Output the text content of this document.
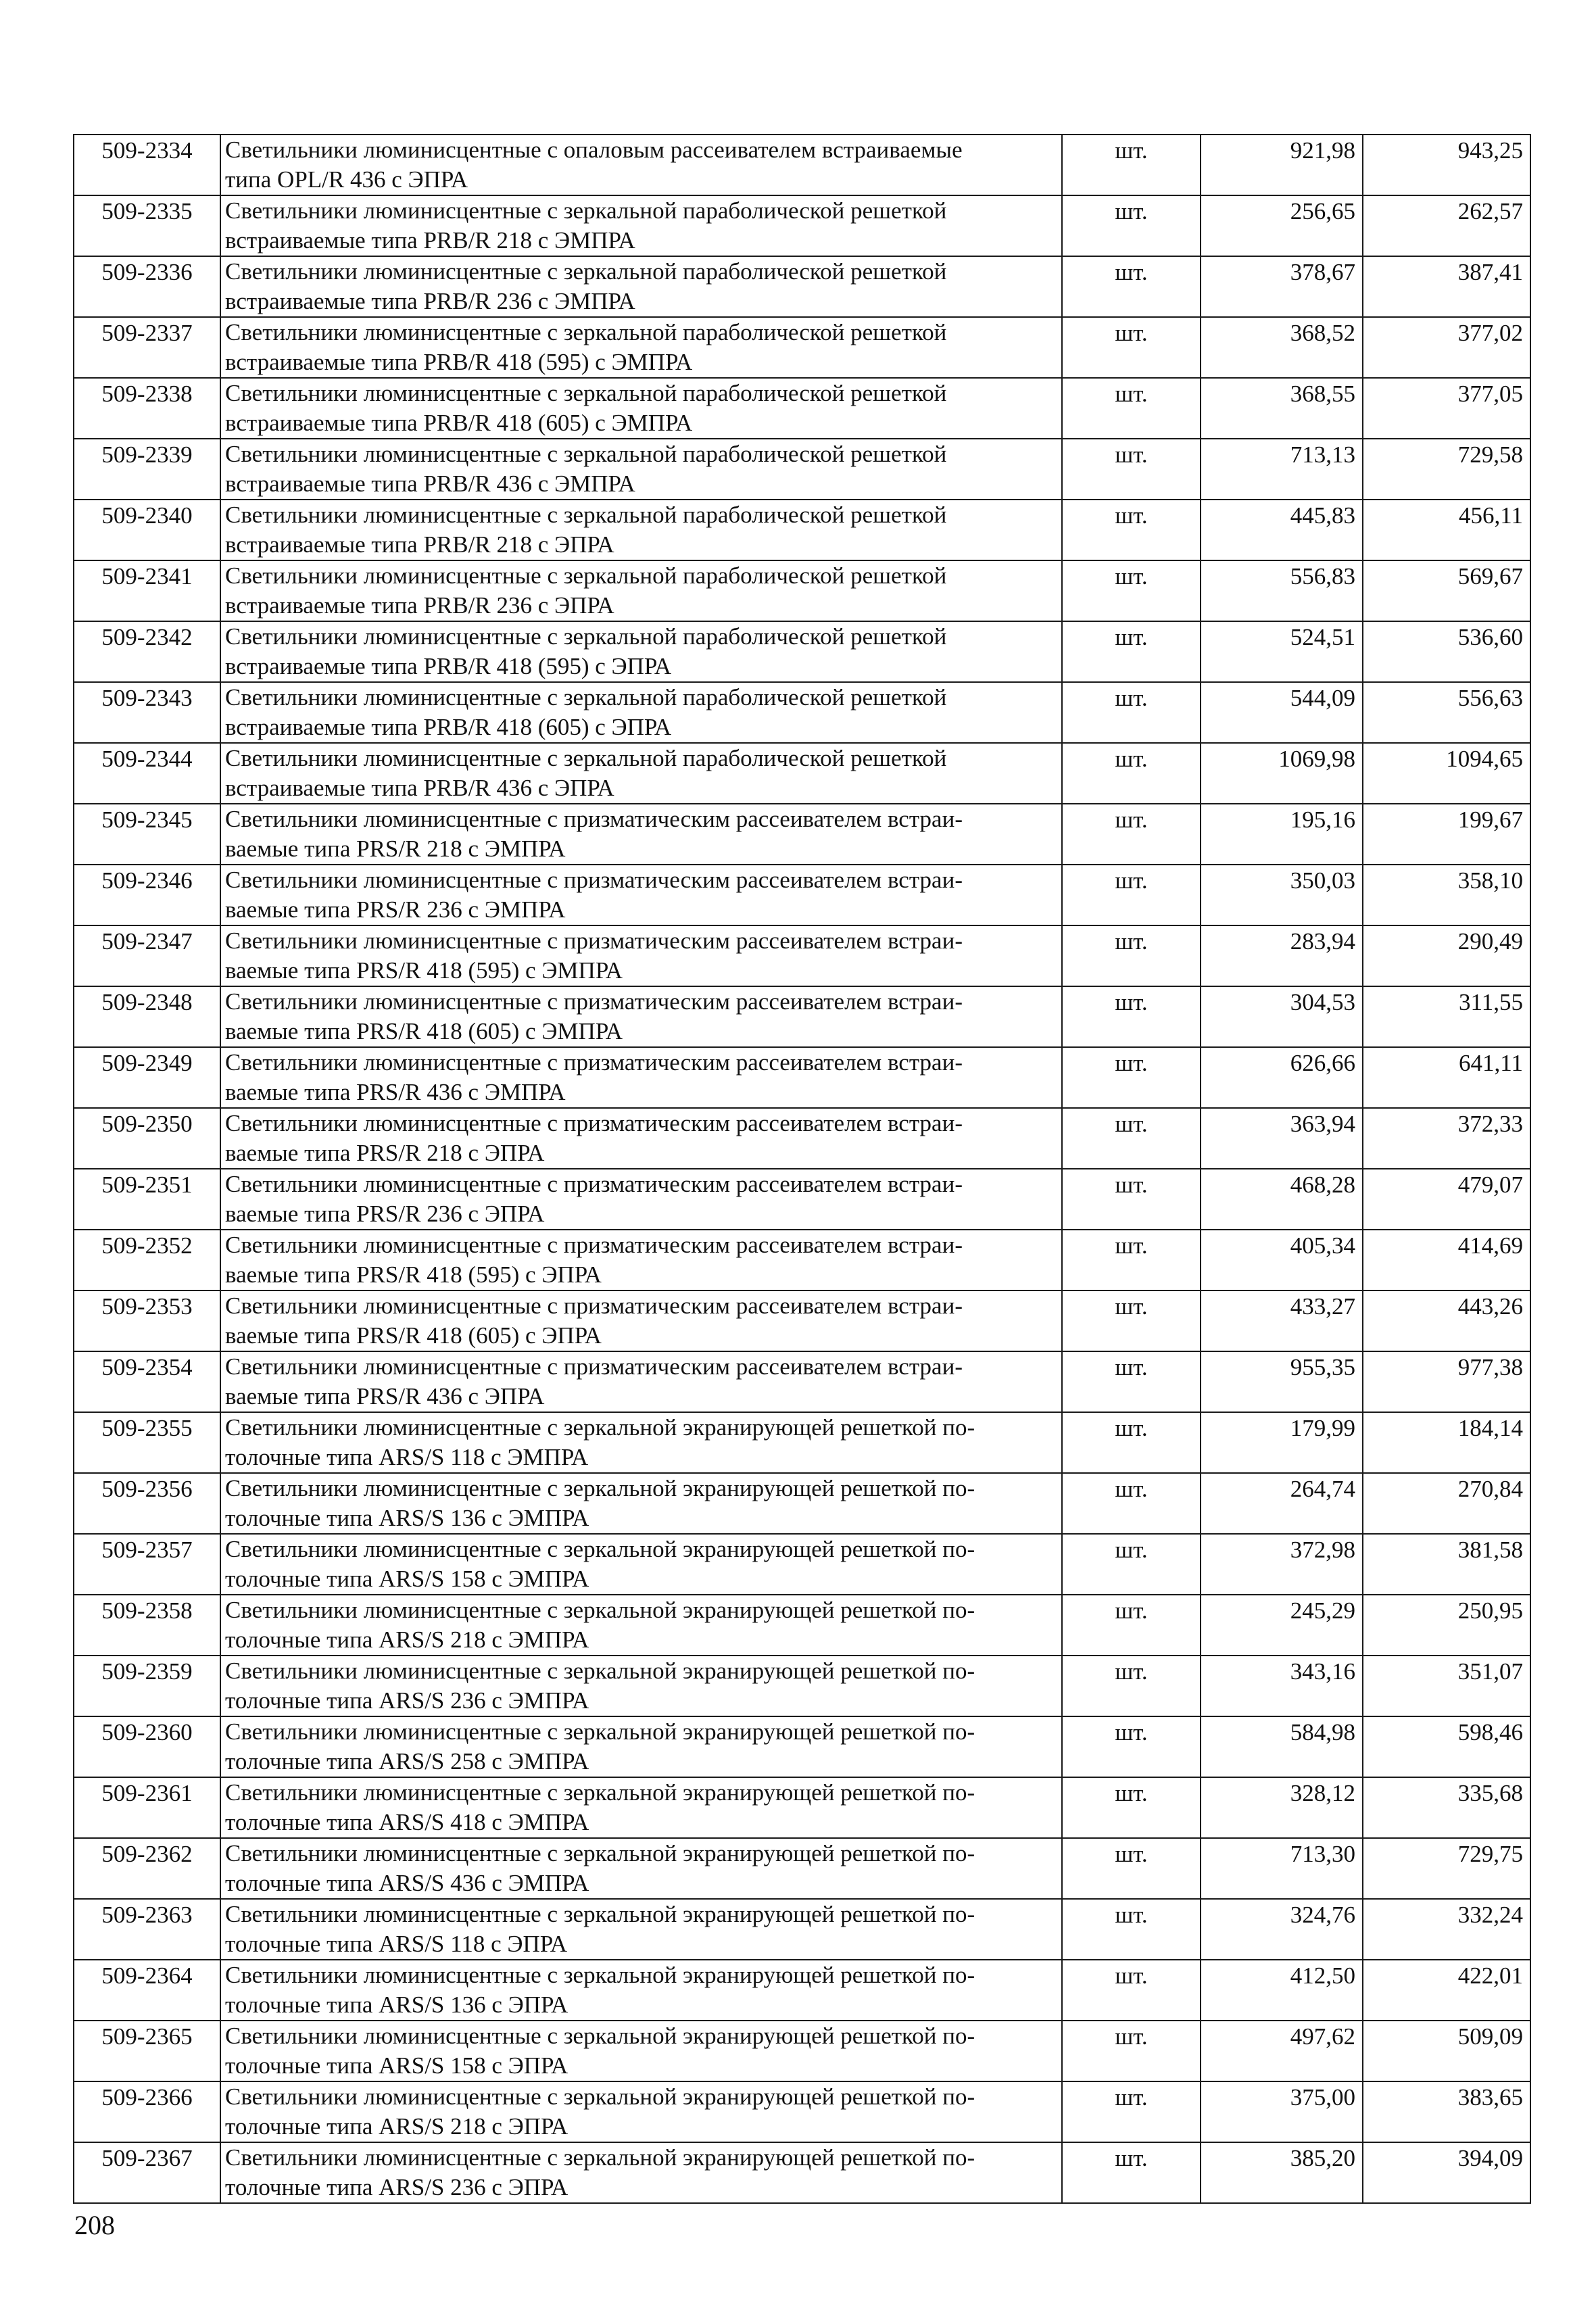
509-2334	Светильники люминисцентные с опаловым рассеивателем встраиваемые
типа OPL/R 436 с ЭПРА	шт.	921,98	943,25
509-2335	Светильники люминисцентные с зеркальной параболической решеткой
встраиваемые типа PRB/R 218 с ЭМПРА	шт.	256,65	262,57
509-2336	Светильники люминисцентные с зеркальной параболической решеткой
встраиваемые типа PRB/R 236 с ЭМПРА	шт.	378,67	387,41
509-2337	Светильники люминисцентные с зеркальной параболической решеткой
встраиваемые типа PRB/R 418 (595) с ЭМПРА	шт.	368,52	377,02
509-2338	Светильники люминисцентные с зеркальной параболической решеткой
встраиваемые типа PRB/R 418 (605) с ЭМПРА	шт.	368,55	377,05
509-2339	Светильники люминисцентные с зеркальной параболической решеткой
встраиваемые типа PRB/R 436 с ЭМПРА	шт.	713,13	729,58
509-2340	Светильники люминисцентные с зеркальной параболической решеткой
встраиваемые типа PRB/R 218 с ЭПРА	шт.	445,83	456,11
509-2341	Светильники люминисцентные с зеркальной параболической решеткой
встраиваемые типа PRB/R 236 с ЭПРА	шт.	556,83	569,67
509-2342	Светильники люминисцентные с зеркальной параболической решеткой
встраиваемые типа PRB/R 418 (595) с ЭПРА	шт.	524,51	536,60
509-2343	Светильники люминисцентные с зеркальной параболической решеткой
встраиваемые типа PRB/R 418 (605) с ЭПРА	шт.	544,09	556,63
509-2344	Светильники люминисцентные с зеркальной параболической решеткой
встраиваемые типа PRB/R 436 с ЭПРА	шт.	1069,98	1094,65
509-2345	Светильники люминисцентные с призматическим рассеивателем встраи-
ваемые типа PRS/R 218 с ЭМПРА	шт.	195,16	199,67
509-2346	Светильники люминисцентные с призматическим рассеивателем встраи-
ваемые типа PRS/R 236 с ЭМПРА	шт.	350,03	358,10
509-2347	Светильники люминисцентные с призматическим рассеивателем встраи-
ваемые типа PRS/R 418 (595) с ЭМПРА	шт.	283,94	290,49
509-2348	Светильники люминисцентные с призматическим рассеивателем встраи-
ваемые типа PRS/R 418 (605) с ЭМПРА	шт.	304,53	311,55
509-2349	Светильники люминисцентные с призматическим рассеивателем встраи-
ваемые типа PRS/R 436 с ЭМПРА	шт.	626,66	641,11
509-2350	Светильники люминисцентные с призматическим рассеивателем встраи-
ваемые типа PRS/R 218 с ЭПРА	шт.	363,94	372,33
509-2351	Светильники люминисцентные с призматическим рассеивателем встраи-
ваемые типа PRS/R 236 с ЭПРА	шт.	468,28	479,07
509-2352	Светильники люминисцентные с призматическим рассеивателем встраи-
ваемые типа PRS/R 418 (595) с ЭПРА	шт.	405,34	414,69
509-2353	Светильники люминисцентные с призматическим рассеивателем встраи-
ваемые типа PRS/R 418 (605) с ЭПРА	шт.	433,27	443,26
509-2354	Светильники люминисцентные с призматическим рассеивателем встраи-
ваемые типа PRS/R 436 с ЭПРА	шт.	955,35	977,38
509-2355	Светильники люминисцентные с зеркальной экранирующей решеткой по-
толочные типа ARS/S 118 с ЭМПРА	шт.	179,99	184,14
509-2356	Светильники люминисцентные с зеркальной экранирующей решеткой по-
толочные типа ARS/S 136 с ЭМПРА	шт.	264,74	270,84
509-2357	Светильники люминисцентные с зеркальной экранирующей решеткой по-
толочные типа ARS/S 158 с ЭМПРА	шт.	372,98	381,58
509-2358	Светильники люминисцентные с зеркальной экранирующей решеткой по-
толочные типа ARS/S 218 с ЭМПРА	шт.	245,29	250,95
509-2359	Светильники люминисцентные с зеркальной экранирующей решеткой по-
толочные типа ARS/S 236 с ЭМПРА	шт.	343,16	351,07
509-2360	Светильники люминисцентные с зеркальной экранирующей решеткой по-
толочные типа ARS/S 258 с ЭМПРА	шт.	584,98	598,46
509-2361	Светильники люминисцентные с зеркальной экранирующей решеткой по-
толочные типа ARS/S 418 с ЭМПРА	шт.	328,12	335,68
509-2362	Светильники люминисцентные с зеркальной экранирующей решеткой по-
толочные типа ARS/S 436 с ЭМПРА	шт.	713,30	729,75
509-2363	Светильники люминисцентные с зеркальной экранирующей решеткой по-
толочные типа ARS/S 118 с ЭПРА	шт.	324,76	332,24
509-2364	Светильники люминисцентные с зеркальной экранирующей решеткой по-
толочные типа ARS/S 136 с ЭПРА	шт.	412,50	422,01
509-2365	Светильники люминисцентные с зеркальной экранирующей решеткой по-
толочные типа ARS/S 158 с ЭПРА	шт.	497,62	509,09
509-2366	Светильники люминисцентные с зеркальной экранирующей решеткой по-
толочные типа ARS/S 218 с ЭПРА	шт.	375,00	383,65
509-2367	Светильники люминисцентные с зеркальной экранирующей решеткой по-
толочные типа ARS/S 236 с ЭПРА	шт.	385,20	394,09
208
